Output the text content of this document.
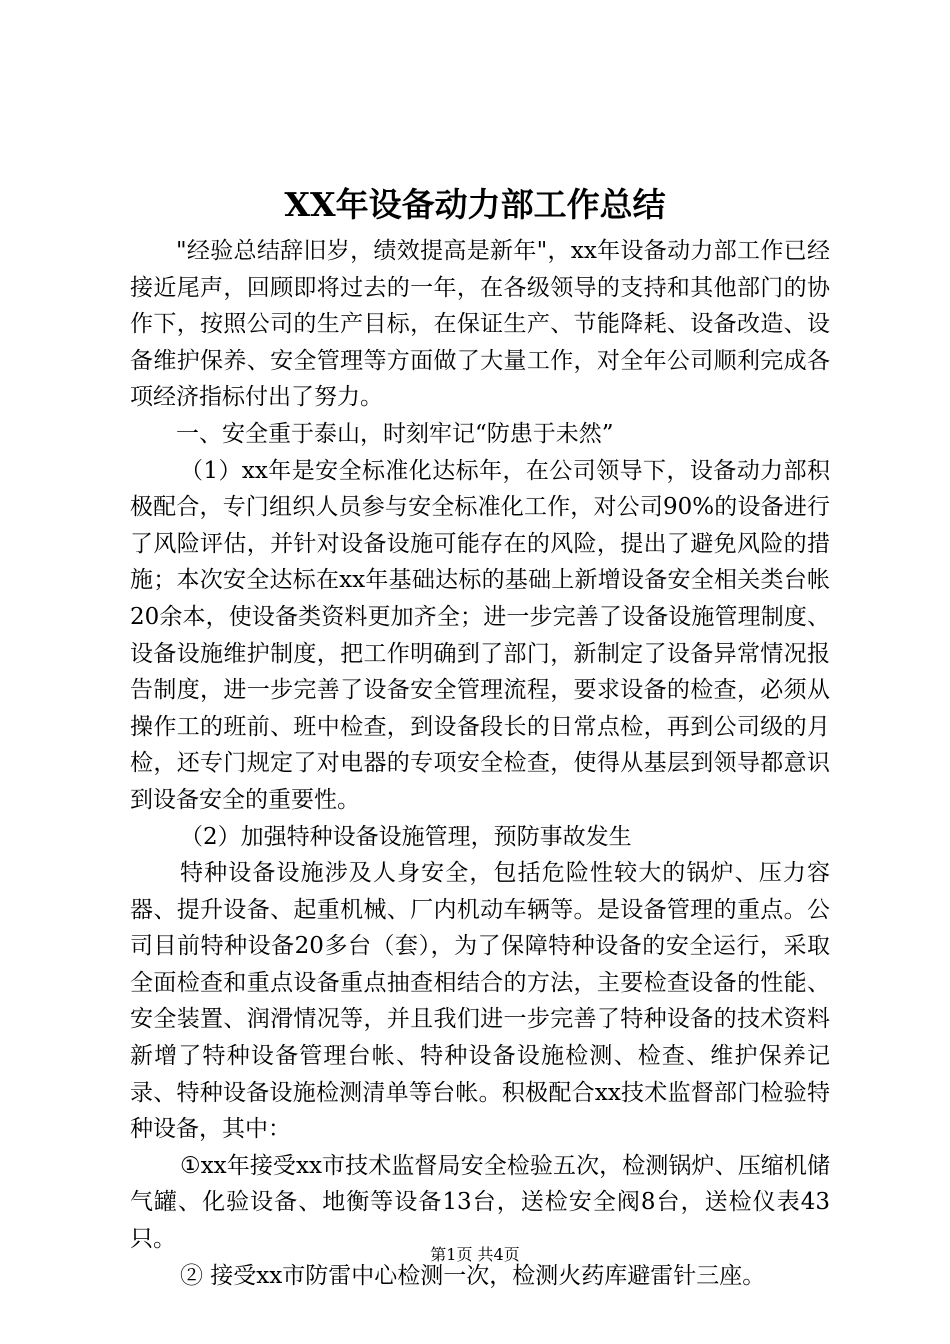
XX年设备动力部工作总结

"经验总结辞旧岁，绩效提高是新年"，xx年设备动力部工作已经接近尾声，回顾即将过去的一年，在各级领导的支持和其他部门的协作下，按照公司的生产目标，在保证生产、节能降耗、设备改造、设备维护保养、安全管理等方面做了大量工作，对全年公司顺利完成各项经济指标付出了努力。

一、安全重于泰山，时刻牢记“防患于未然”

（1）xx年是安全标准化达标年，在公司领导下，设备动力部积极配合，专门组织人员参与安全标准化工作，对公司90%的设备进行了风险评估，并针对设备设施可能存在的风险，提出了避免风险的措施；本次安全达标在xx年基础达标的基础上新增设备安全相关类台帐20余本，使设备类资料更加齐全；进一步完善了设备设施管理制度、设备设施维护制度，把工作明确到了部门，新制定了设备异常情况报告制度，进一步完善了设备安全管理流程，要求设备的检查，必须从操作工的班前、班中检查，到设备段长的日常点检，再到公司级的月检，还专门规定了对电器的专项安全检查，使得从基层到领导都意识到设备安全的重要性。

（2）加强特种设备设施管理，预防事故发生

特种设备设施涉及人身安全，包括危险性较大的锅炉、压力容器、提升设备、起重机械、厂内机动车辆等。是设备管理的重点。公司目前特种设备20多台（套），为了保障特种设备的安全运行，采取全面检查和重点设备重点抽查相结合的方法，主要检查设备的性能、安全装置、润滑情况等，并且我们进一步完善了特种设备的技术资料新增了特种设备管理台帐、特种设备设施检测、检查、维护保养记录、特种设备设施检测清单等台帐。积极配合xx技术监督部门检验特种设备，其中：

①xx年接受xx市技术监督局安全检验五次，检测锅炉、压缩机储气罐、化验设备、地衡等设备13台，送检安全阀8台，送检仪表43只。

② 接受xx市防雷中心检测一次，检测火药库避雷针三座。

第1页 共4页
